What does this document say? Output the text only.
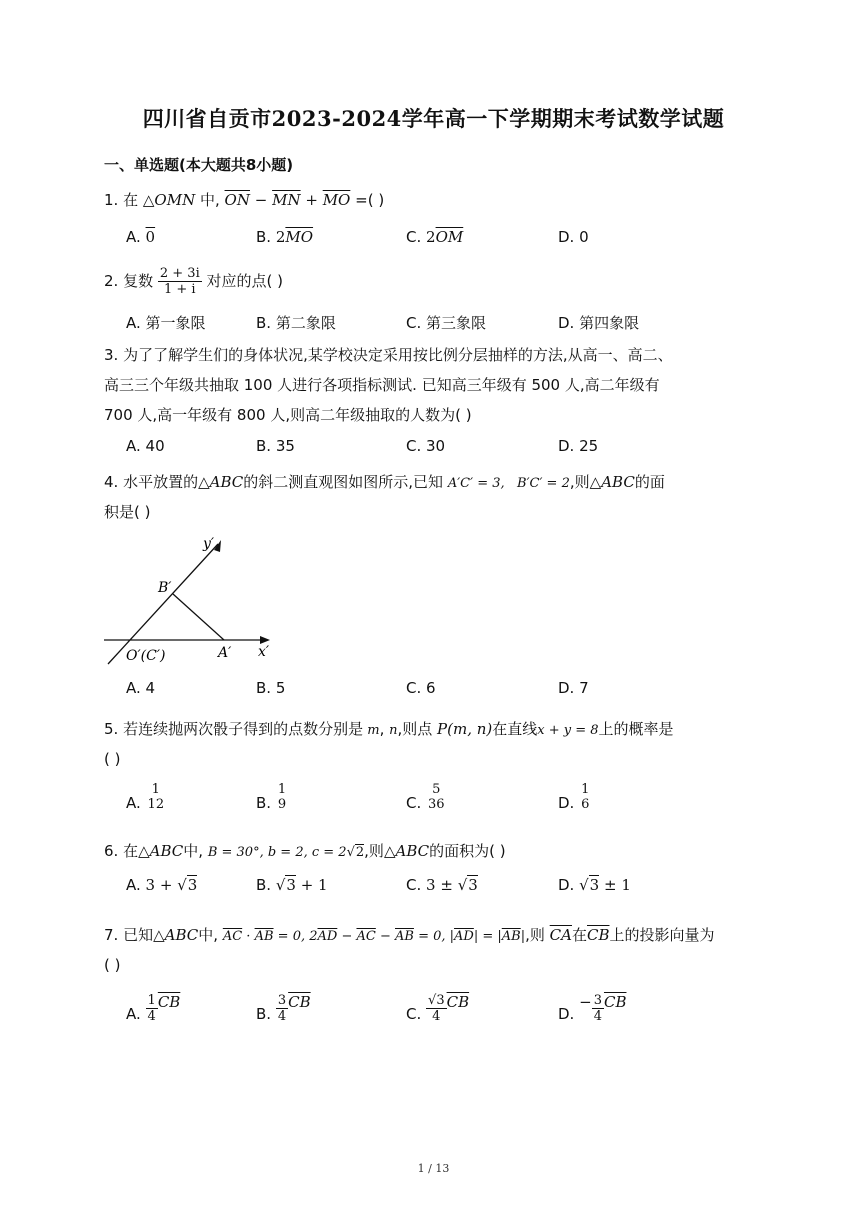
四川省自贡市2023-2024学年高一下学期期末考试数学试题
一、单选题(本大题共8小题)
1. 在 △OMN 中, $\overline{ON} - \overline{MN} + \overline{MO}$ =( )
A. 0	B. $2\overline{MO}$	C. $2\overline{OM}$	D. 0
2. 复数 $\frac{2 + 3i}{1 + i}$ 对应的点( )
A. 第一象限	B. 第二象限	C. 第三象限	D. 第四象限
3. 为了了解学生们的身体状况,某学校决定采用按比例分层抽样的方法,从高一、高二、
高三三个年级共抽取 100 人进行各项指标测试. 已知高三年级有 500 人,高二年级有
700 人,高一年级有 800 人,则高二年级抽取的人数为( )
A. 40	B. 35	C. 30	D. 25
4. 水平放置的△ABC的斜二测直观图如图所示,已知 A′C′ = 3,   B′C′ = 2,则△ABC的面
积是( )
y′
x′
B′
A′
O′(C′)
A. 4	B. 5	C. 6	D. 7
5. 若连续抛两次骰子得到的点数分别是 m, n,则点 P(m, n)在直线x + y = 8上的概率是
( )
A.
1
12	B.
1
9	C.
5
36	D.
1
6
6. 在△ABC中, B = 30°, b = 2, c = 2√2,则△ABC的面积为( )
A. 3 + √3	B. √3 + 1	C. 3 ± √3	D. √3 ± 1
7. 已知△ABC中, $\overline{AC} \cdot \overline{AB} = 0$, $2\overline{AD} - \overline{AC} - \overline{AB} = 0$, $|\overline{AD}| = |\overline{AB}|$,则 $\overline{CA}$在$\overline{CB}$上的投影向量为
( )
A. $\frac{1}{4} \overline{CB}$
B. $\frac{3}{4} \overline{CB}$
C. $\frac{√3}{4} \overline{CB}$
D. − $\frac{3}{4} \overline{CB}$
1 / 13
